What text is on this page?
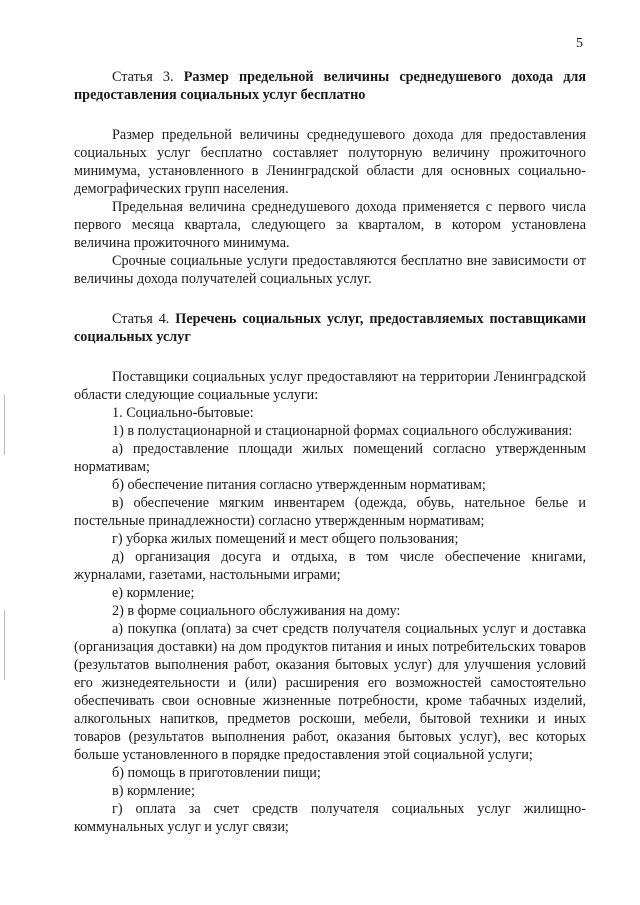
5

Статья 3. Размер предельной величины среднедушевого дохода для предоставления социальных услуг бесплатно

Размер предельной величины среднедушевого дохода для предоставления социальных услуг бесплатно составляет полуторную величину прожиточного минимума, установленного в Ленинградской области для основных социально-демографических групп населения.

Предельная величина среднедушевого дохода применяется с первого числа первого месяца квартала, следующего за кварталом, в котором установлена величина прожиточного минимума.

Срочные социальные услуги предоставляются бесплатно вне зависимости от величины дохода получателей социальных услуг.

Статья 4. Перечень социальных услуг, предоставляемых поставщиками социальных услуг

Поставщики социальных услуг предоставляют на территории Ленинградской области следующие социальные услуги:

1. Социально-бытовые:

1) в полустационарной и стационарной формах социального обслуживания:

а) предоставление площади жилых помещений согласно утвержденным нормативам;

б) обеспечение питания согласно утвержденным нормативам;

в) обеспечение мягким инвентарем (одежда, обувь, нательное белье и постельные принадлежности) согласно утвержденным нормативам;

г) уборка жилых помещений и мест общего пользования;

д) организация досуга и отдыха, в том числе обеспечение книгами, журналами, газетами, настольными играми;

е) кормление;

2) в форме социального обслуживания на дому:

а) покупка (оплата) за счет средств получателя социальных услуг и доставка (организация доставки) на дом продуктов питания и иных потребительских товаров (результатов выполнения работ, оказания бытовых услуг) для улучшения условий его жизнедеятельности и (или) расширения его возможностей самостоятельно обеспечивать свои основные жизненные потребности, кроме табачных изделий, алкогольных напитков, предметов роскоши, мебели, бытовой техники и иных товаров (результатов выполнения работ, оказания бытовых услуг), вес которых больше установленного в порядке предоставления этой социальной услуги;

б) помощь в приготовлении пищи;

в) кормление;

г) оплата за счет средств получателя социальных услуг жилищно-коммунальных услуг и услуг связи;
